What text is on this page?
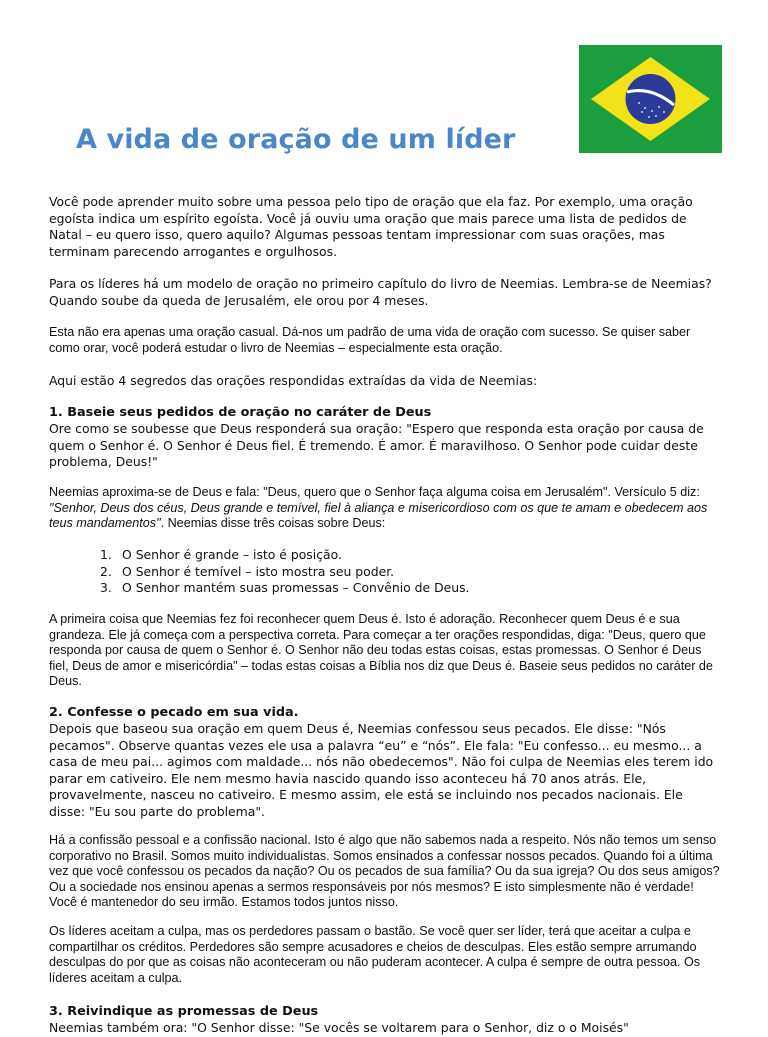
A vida de oração de um líder

Você pode aprender muito sobre uma pessoa pelo tipo de oração que ela faz. Por exemplo, uma oração egoísta indica um espírito egoísta. Você já ouviu uma oração que mais parece uma lista de pedidos de Natal – eu quero isso, quero aquilo? Algumas pessoas tentam impressionar com suas orações, mas terminam parecendo arrogantes e orgulhosos.

Para os líderes há um modelo de oração no primeiro capítulo do livro de Neemias. Lembra-se de Neemias? Quando soube da queda de Jerusalém, ele orou por 4 meses.

Esta não era apenas uma oração casual. Dá-nos um padrão de uma vida de oração com sucesso. Se quiser saber como orar, você poderá estudar o livro de Neemias – especialmente esta oração.

Aqui estão 4 segredos das orações respondidas extraídas da vida de Neemias:

1. Baseie seus pedidos de oração no caráter de Deus

Ore como se soubesse que Deus responderá sua oração: "Espero que responda esta oração por causa de quem o Senhor é. O Senhor é Deus fiel. É tremendo. É amor. É maravilhoso. O Senhor pode cuidar deste problema, Deus!"

Neemias aproxima-se de Deus e fala: "Deus, quero que o Senhor faça alguma coisa em Jerusalém". Versículo 5 diz: "Senhor, Deus dos céus, Deus grande e temível, fiel à aliança e misericordioso com os que te amam e obedecem aos teus mandamentos". Neemias disse três coisas sobre Deus:

1. O Senhor é grande – isto é posição.
2. O Senhor é temível – isto mostra seu poder.
3. O Senhor mantém suas promessas – Convênio de Deus.

A primeira coisa que Neemias fez foi reconhecer quem Deus é. Isto é adoração. Reconhecer quem Deus é e sua grandeza. Ele já começa com a perspectiva correta. Para começar a ter orações respondidas, diga: "Deus, quero que responda por causa de quem o Senhor é. O Senhor não deu todas estas coisas, estas promessas. O Senhor é Deus fiel, Deus de amor e misericórdia" – todas estas coisas a Bíblia nos diz que Deus é. Baseie seus pedidos no caráter de Deus.

2. Confesse o pecado em sua vida.

Depois que baseou sua oração em quem Deus é, Neemias confessou seus pecados. Ele disse: "Nós pecamos". Observe quantas vezes ele usa a palavra “eu” e “nós”. Ele fala: "Eu confesso... eu mesmo... a casa de meu pai... agimos com maldade... nós não obedecemos". Não foi culpa de Neemias eles terem ido parar em cativeiro. Ele nem mesmo havia nascido quando isso aconteceu há 70 anos atrás. Ele, provavelmente, nasceu no cativeiro. E mesmo assim, ele está se incluindo nos pecados nacionais. Ele disse: "Eu sou parte do problema".

Há a confissão pessoal e a confissão nacional. Isto é algo que não sabemos nada a respeito. Nós não temos um senso corporativo no Brasil. Somos muito individualistas. Somos ensinados a confessar nossos pecados. Quando foi a última vez que você confessou os pecados da nação? Ou os pecados de sua família? Ou da sua igreja? Ou dos seus amigos? Ou a sociedade nos ensinou apenas a sermos responsáveis por nós mesmos? E isto simplesmente não é verdade! Você é mantenedor do seu irmão. Estamos todos juntos nisso.

Os líderes aceitam a culpa, mas os perdedores passam o bastão. Se você quer ser líder, terá que aceitar a culpa e compartilhar os créditos. Perdedores são sempre acusadores e cheios de desculpas. Eles estão sempre arrumando desculpas do por que as coisas não aconteceram ou não puderam acontecer. A culpa é sempre de outra pessoa. Os líderes aceitam a culpa.

3. Reivindique as promessas de Deus

Neemias também ora: "O Senhor disse: "Se vocês se voltarem para o Senhor, diz o o Moisés"
